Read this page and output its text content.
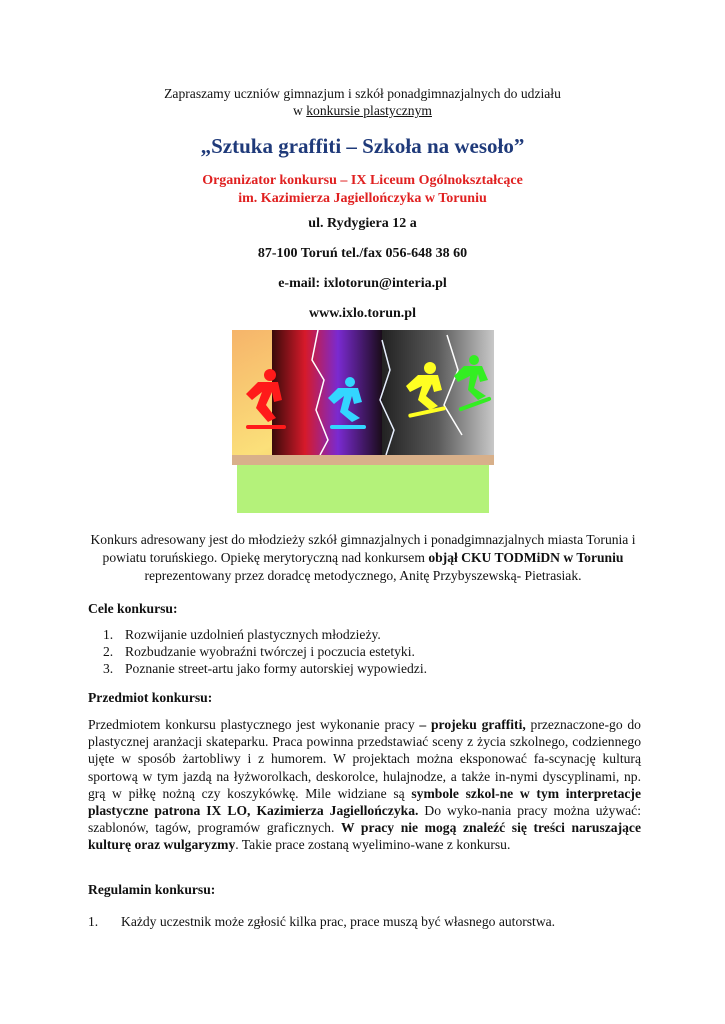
Zapraszamy uczniów gimnazjum i szkół ponadgimnazjalnych do udziału
w konkursie plastycznym
„Sztuka graffiti – Szkoła na wesoło”
Organizator konkursu – IX Liceum Ogólnokształcące
im. Kazimierza Jagiellończyka w Toruniu
ul. Rydygiera 12 a
87-100 Toruń tel./fax 056-648 38 60
e-mail: ixlotorun@interia.pl
www.ixlo.torun.pl
Konkurs adresowany jest do młodzieży szkół gimnazjalnych i ponadgimnazjalnych miasta Torunia i powiatu toruńskiego. Opiekę merytoryczną nad konkursem objął CKU TODMiDN w Toruniu reprezentowany przez doradcę metodycznego, Anitę Przybyszewską- Pietrasiak.
Cele konkursu:
1. Rozwijanie uzdolnień plastycznych młodzieży.
2. Rozbudzanie wyobraźni twórczej i poczucia estetyki.
3. Poznanie street-artu jako formy autorskiej wypowiedzi.
Przedmiot konkursu:
Przedmiotem konkursu plastycznego jest wykonanie pracy – projeku graffiti, przeznaczone-go do plastycznej aranżacji skateparku. Praca powinna przedstawiać sceny z życia szkolnego, codziennego ujęte w sposób żartobliwy i z humorem. W projektach można eksponować fa-scynację kulturą sportową w tym jazdą na łyżworolkach, deskorolce, hulajnodze, a także in-nymi dyscyplinami, np. grą w piłkę nożną czy koszykówkę. Mile widziane są symbole szkol-ne w tym interpretacje plastyczne patrona IX LO, Kazimierza Jagiellończyka. Do wyko-nania pracy można używać: szablonów, tagów, programów graficznych. W pracy nie mogą znaleźć się treści naruszające kulturę oraz wulgaryzmy. Takie prace zostaną wyelimino-wane z konkursu.
Regulamin konkursu:
1. Każdy uczestnik może zgłosić kilka prac, prace muszą być własnego autorstwa.
